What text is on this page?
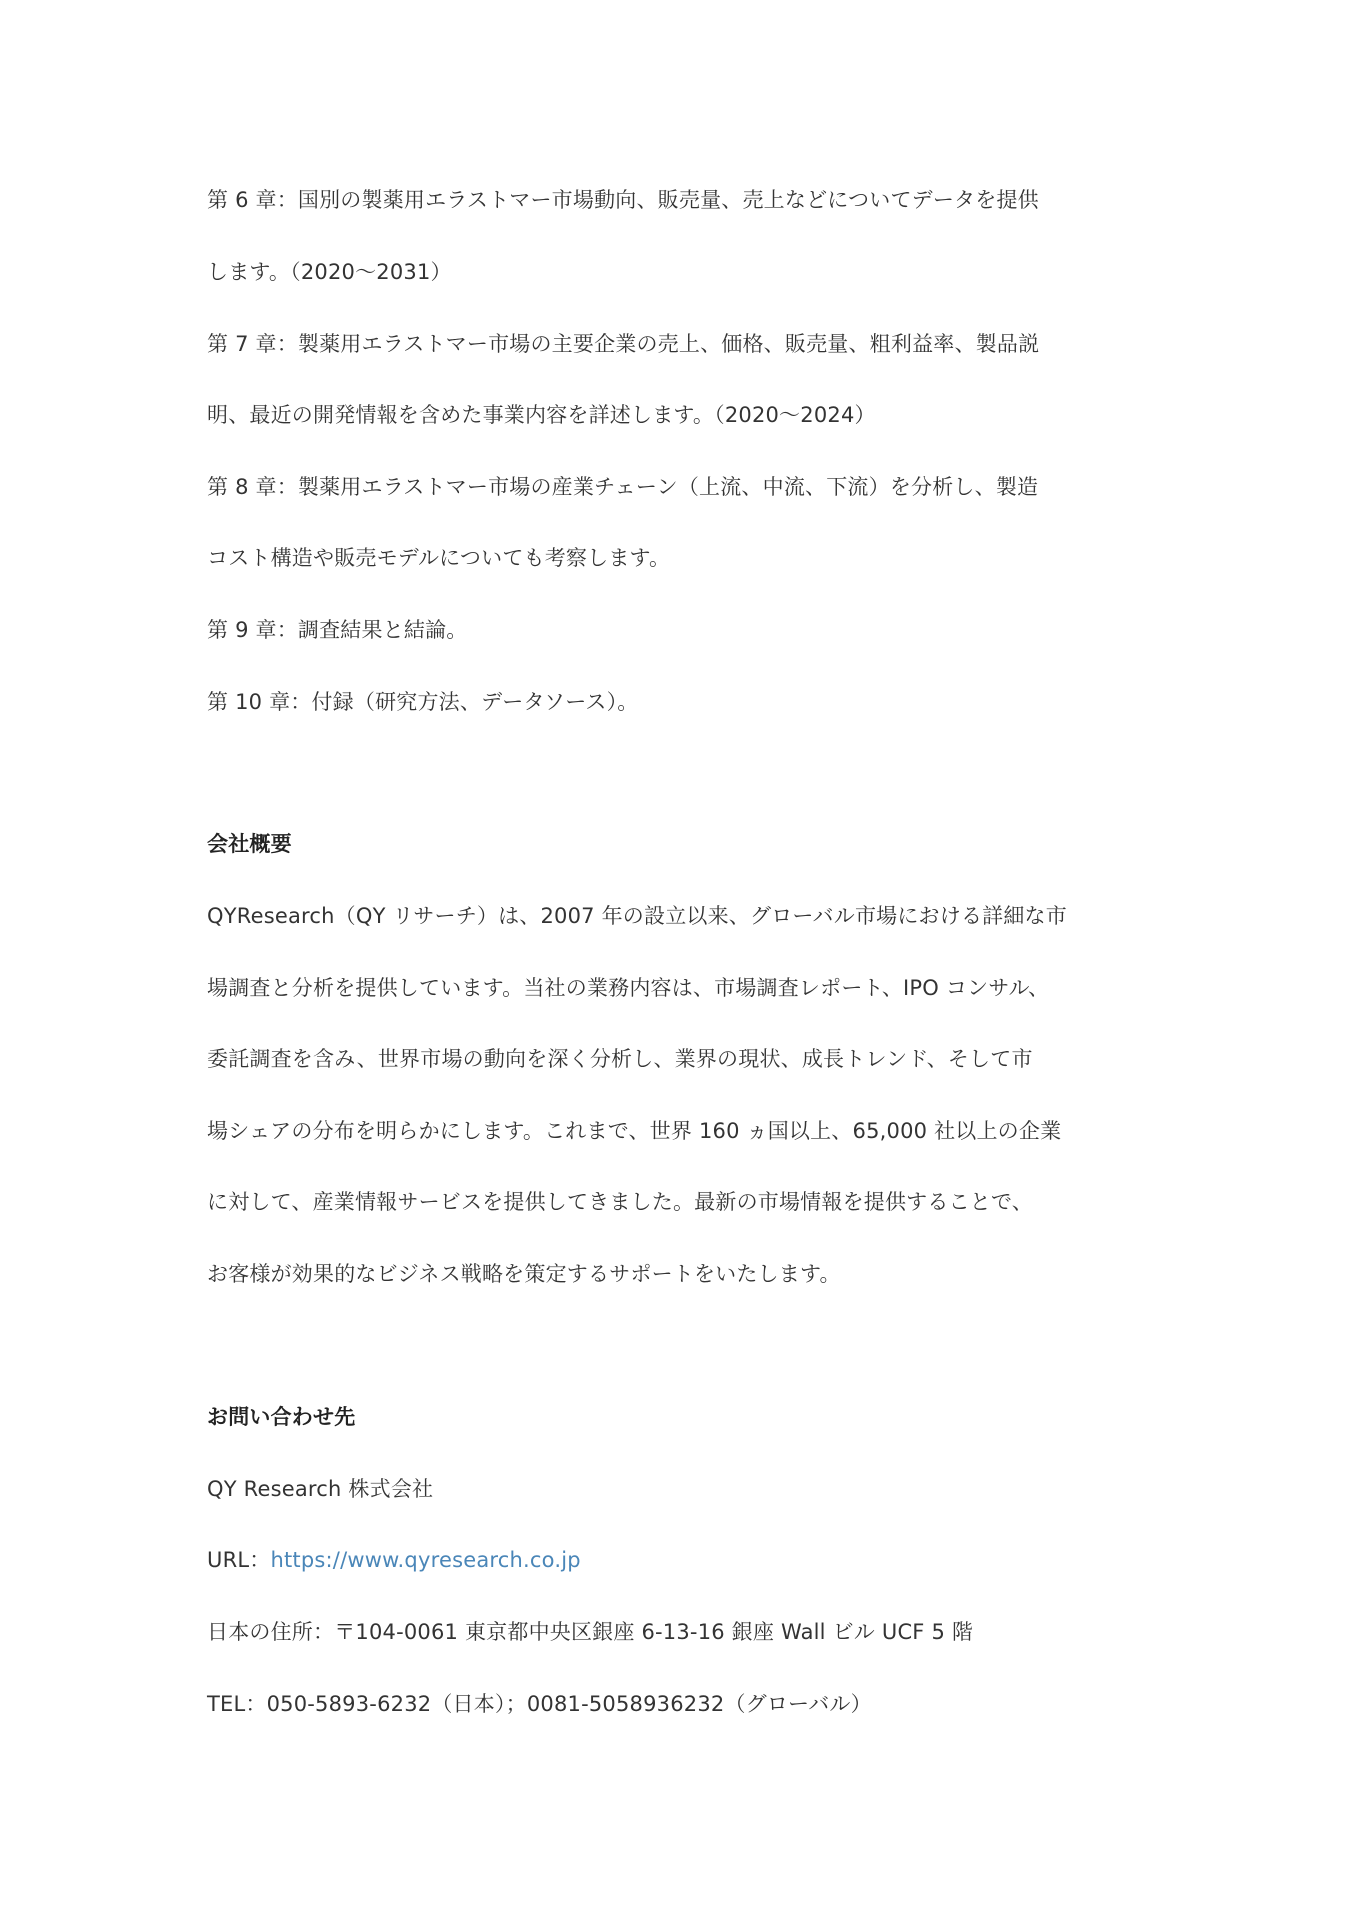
第 6 章：国別の製薬用エラストマー市場動向、販売量、売上などについてデータを提供
します。（2020～2031）
第 7 章：製薬用エラストマー市場の主要企業の売上、価格、販売量、粗利益率、製品説
明、最近の開発情報を含めた事業内容を詳述します。（2020～2024）
第 8 章：製薬用エラストマー市場の産業チェーン（上流、中流、下流）を分析し、製造
コスト構造や販売モデルについても考察します。
第 9 章：調査結果と結論。
第 10 章：付録（研究方法、データソース）。
会社概要
QYResearch（QY リサーチ）は、2007 年の設立以来、グローバル市場における詳細な市
場調査と分析を提供しています。当社の業務内容は、市場調査レポート、IPO コンサル、
委託調査を含み、世界市場の動向を深く分析し、業界の現状、成長トレンド、そして市
場シェアの分布を明らかにします。これまで、世界 160 ヵ国以上、65,000 社以上の企業
に対して、産業情報サービスを提供してきました。最新の市場情報を提供することで、
お客様が効果的なビジネス戦略を策定するサポートをいたします。
お問い合わせ先
QY Research 株式会社
URL：https://www.qyresearch.co.jp
日本の住所：〒104-0061 東京都中央区銀座 6-13-16 銀座 Wall ビル UCF 5 階
TEL：050-5893-6232（日本）；0081-5058936232（グローバル）
